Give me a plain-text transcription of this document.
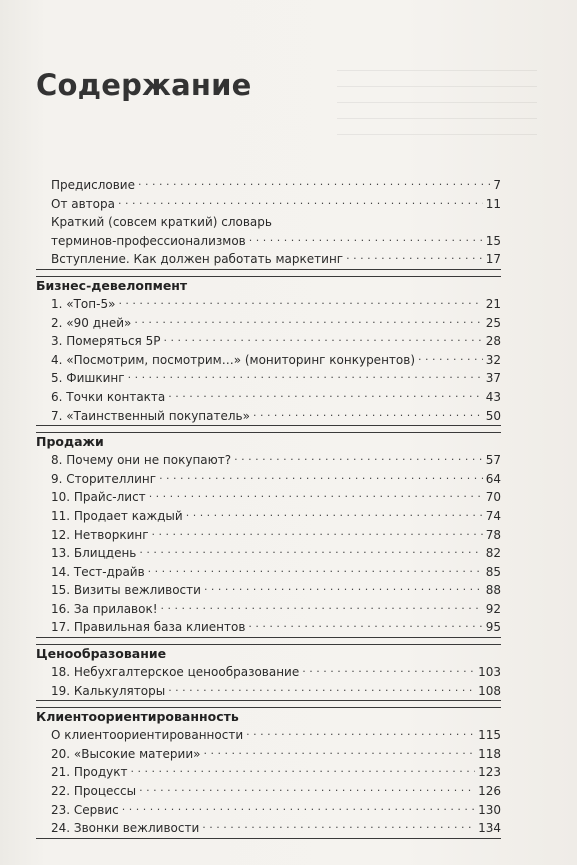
Содержание
Предисловие . . .	7
От автора . . .	11
Краткий (совсем краткий) словарь
терминов-профессионализмов . . .	15
Вступление. Как должен работать маркетинг . . .	17
Бизнес-девелопмент
1. «Топ-5» . . .	21
2. «90 дней» . . .	25
3. Померяться 5P . . .	28
4. «Посмотрим, посмотрим…» (мониторинг конкурентов) . . .	32
5. Фишкинг . . .	37
6. Точки контакта . . .	43
7. «Таинственный покупатель» . . .	50
Продажи
8. Почему они не покупают? . . .	57
9. Сторителлинг . . .	64
10. Прайс-лист . . .	70
11. Продает каждый . . .	74
12. Нетворкинг . . .	78
13. Блицдень . . .	82
14. Тест-драйв . . .	85
15. Визиты вежливости . . .	88
16. За прилавок! . . .	92
17. Правильная база клиентов . . .	95
Ценообразование
18. Небухгалтерское ценообразование . . .	103
19. Калькуляторы . . .	108
Клиентоориентированность
О клиентоориентированности . . .	115
20. «Высокие материи» . . .	118
21. Продукт . . .	123
22. Процессы . . .	126
23. Сервис . . .	130
24. Звонки вежливости . . .	134
